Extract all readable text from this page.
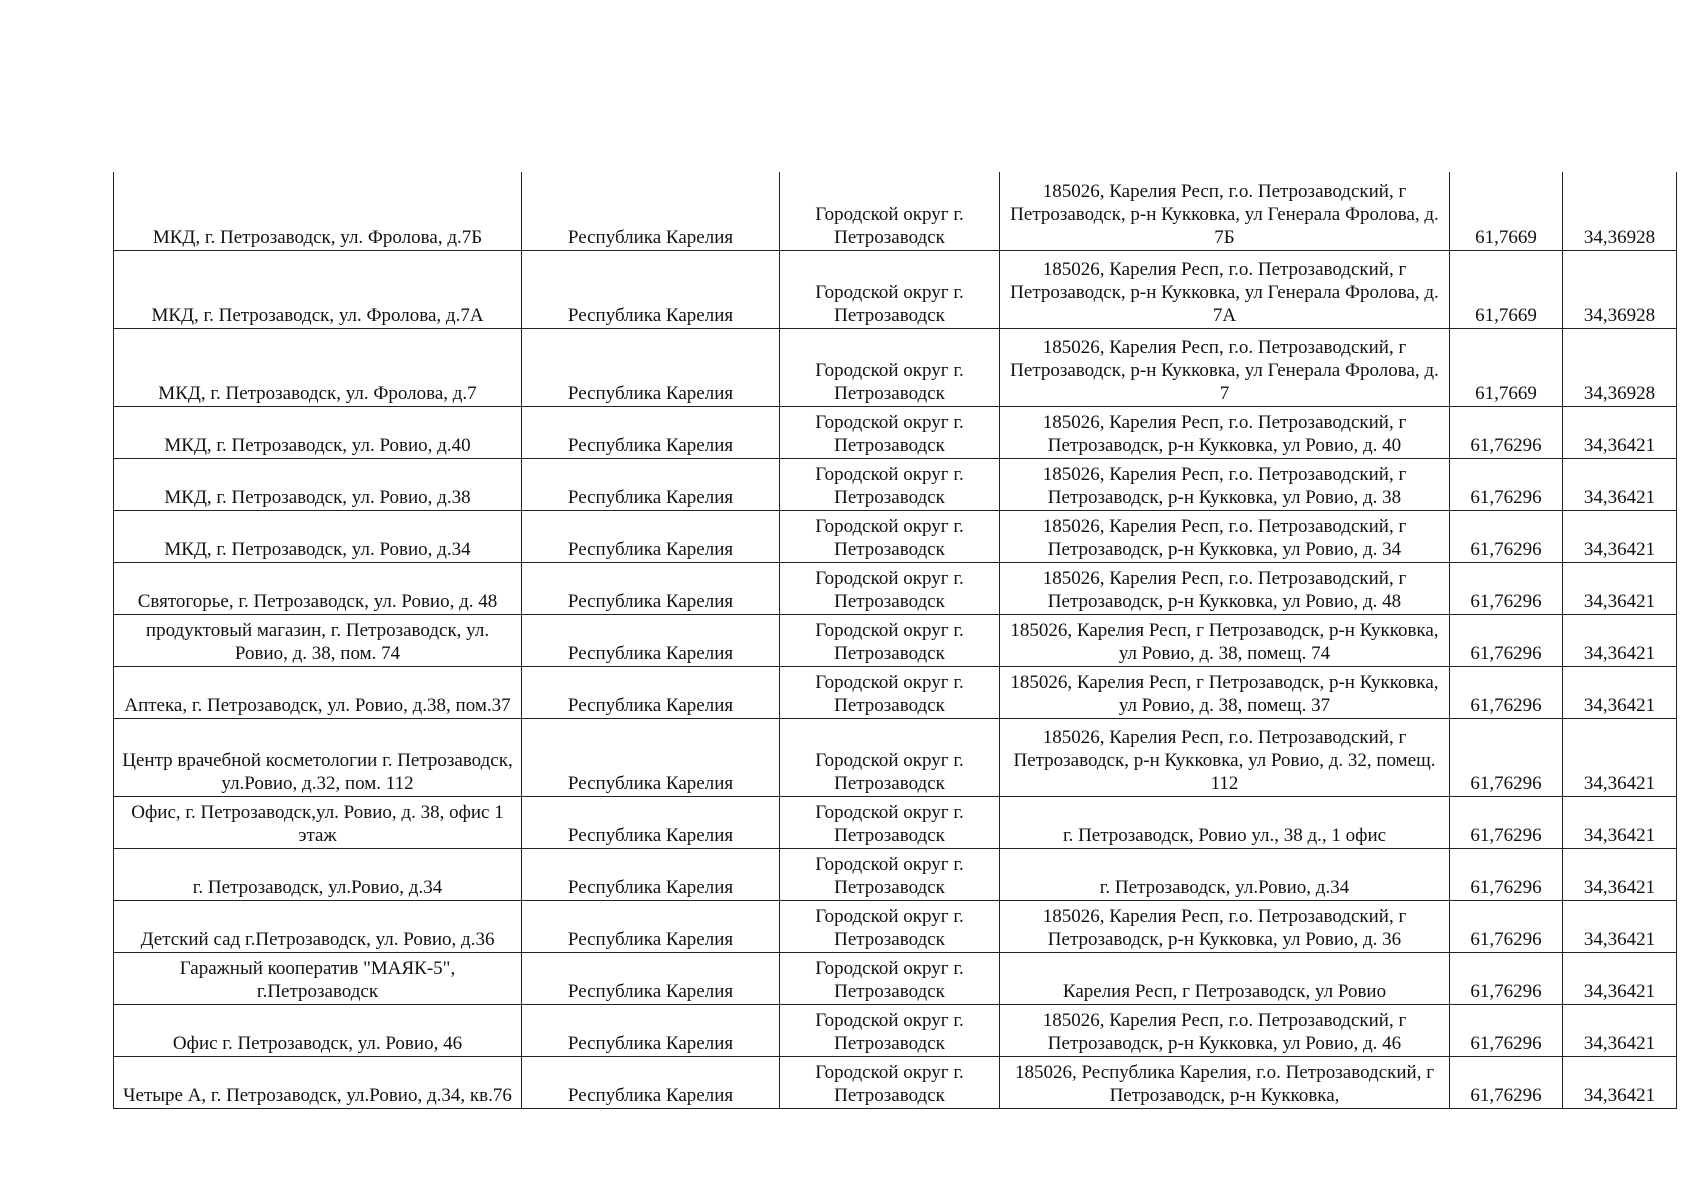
МКД, г. Петрозаводск, ул. Фролова, д.7Б	Республика Карелия	Городской округ г. Петрозаводск	185026, Карелия Респ, г.о. Петрозаводский, г Петрозаводск, р-н Кукковка, ул Генерала Фролова, д. 7Б	61,7669	34,36928
МКД, г. Петрозаводск, ул. Фролова, д.7А	Республика Карелия	Городской округ г. Петрозаводск	185026, Карелия Респ, г.о. Петрозаводский, г Петрозаводск, р-н Кукковка, ул Генерала Фролова, д. 7А	61,7669	34,36928
МКД, г. Петрозаводск, ул. Фролова, д.7	Республика Карелия	Городской округ г. Петрозаводск	185026, Карелия Респ, г.о. Петрозаводский, г Петрозаводск, р-н Кукковка, ул Генерала Фролова, д. 7	61,7669	34,36928
МКД, г. Петрозаводск, ул. Ровио, д.40	Республика Карелия	Городской округ г. Петрозаводск	185026, Карелия Респ, г.о. Петрозаводский, г Петрозаводск, р-н Кукковка, ул Ровио, д. 40	61,76296	34,36421
МКД, г. Петрозаводск, ул. Ровио, д.38	Республика Карелия	Городской округ г. Петрозаводск	185026, Карелия Респ, г.о. Петрозаводский, г Петрозаводск, р-н Кукковка, ул Ровио, д. 38	61,76296	34,36421
МКД, г. Петрозаводск, ул. Ровио, д.34	Республика Карелия	Городской округ г. Петрозаводск	185026, Карелия Респ, г.о. Петрозаводский, г Петрозаводск, р-н Кукковка, ул Ровио, д. 34	61,76296	34,36421
Святогорье, г. Петрозаводск, ул. Ровио, д. 48	Республика Карелия	Городской округ г. Петрозаводск	185026, Карелия Респ, г.о. Петрозаводский, г Петрозаводск, р-н Кукковка, ул Ровио, д. 48	61,76296	34,36421
продуктовый магазин, г. Петрозаводск, ул. Ровио, д. 38, пом. 74	Республика Карелия	Городской округ г. Петрозаводск	185026, Карелия Респ, г Петрозаводск, р-н Кукковка, ул Ровио, д. 38, помещ. 74	61,76296	34,36421
Аптека, г. Петрозаводск, ул. Ровио, д.38, пом.37	Республика Карелия	Городской округ г. Петрозаводск	185026, Карелия Респ, г Петрозаводск, р-н Кукковка, ул Ровио, д. 38, помещ. 37	61,76296	34,36421
Центр врачебной косметологии г. Петрозаводск, ул.Ровио, д.32, пом. 112	Республика Карелия	Городской округ г. Петрозаводск	185026, Карелия Респ, г.о. Петрозаводский, г Петрозаводск, р-н Кукковка, ул Ровио, д. 32, помещ. 112	61,76296	34,36421
Офис, г. Петрозаводск,ул. Ровио, д. 38, офис 1 этаж	Республика Карелия	Городской округ г. Петрозаводск	г. Петрозаводск, Ровио ул., 38 д., 1 офис	61,76296	34,36421
г. Петрозаводск, ул.Ровио, д.34	Республика Карелия	Городской округ г. Петрозаводск	г. Петрозаводск, ул.Ровио, д.34	61,76296	34,36421
Детский сад г.Петрозаводск, ул. Ровио, д.36	Республика Карелия	Городской округ г. Петрозаводск	185026, Карелия Респ, г.о. Петрозаводский, г Петрозаводск, р-н Кукковка, ул Ровио, д. 36	61,76296	34,36421
Гаражный кооператив "МАЯК-5", г.Петрозаводск	Республика Карелия	Городской округ г. Петрозаводск	Карелия Респ, г Петрозаводск, ул Ровио	61,76296	34,36421
Офис г. Петрозаводск, ул. Ровио, 46	Республика Карелия	Городской округ г. Петрозаводск	185026, Карелия Респ, г.о. Петрозаводский, г Петрозаводск, р-н Кукковка, ул Ровио, д. 46	61,76296	34,36421
Четыре А, г. Петрозаводск, ул.Ровио, д.34, кв.76	Республика Карелия	Городской округ г. Петрозаводск	185026, Республика Карелия, г.о. Петрозаводский, г Петрозаводск, р-н Кукковка,	61,76296	34,36421
